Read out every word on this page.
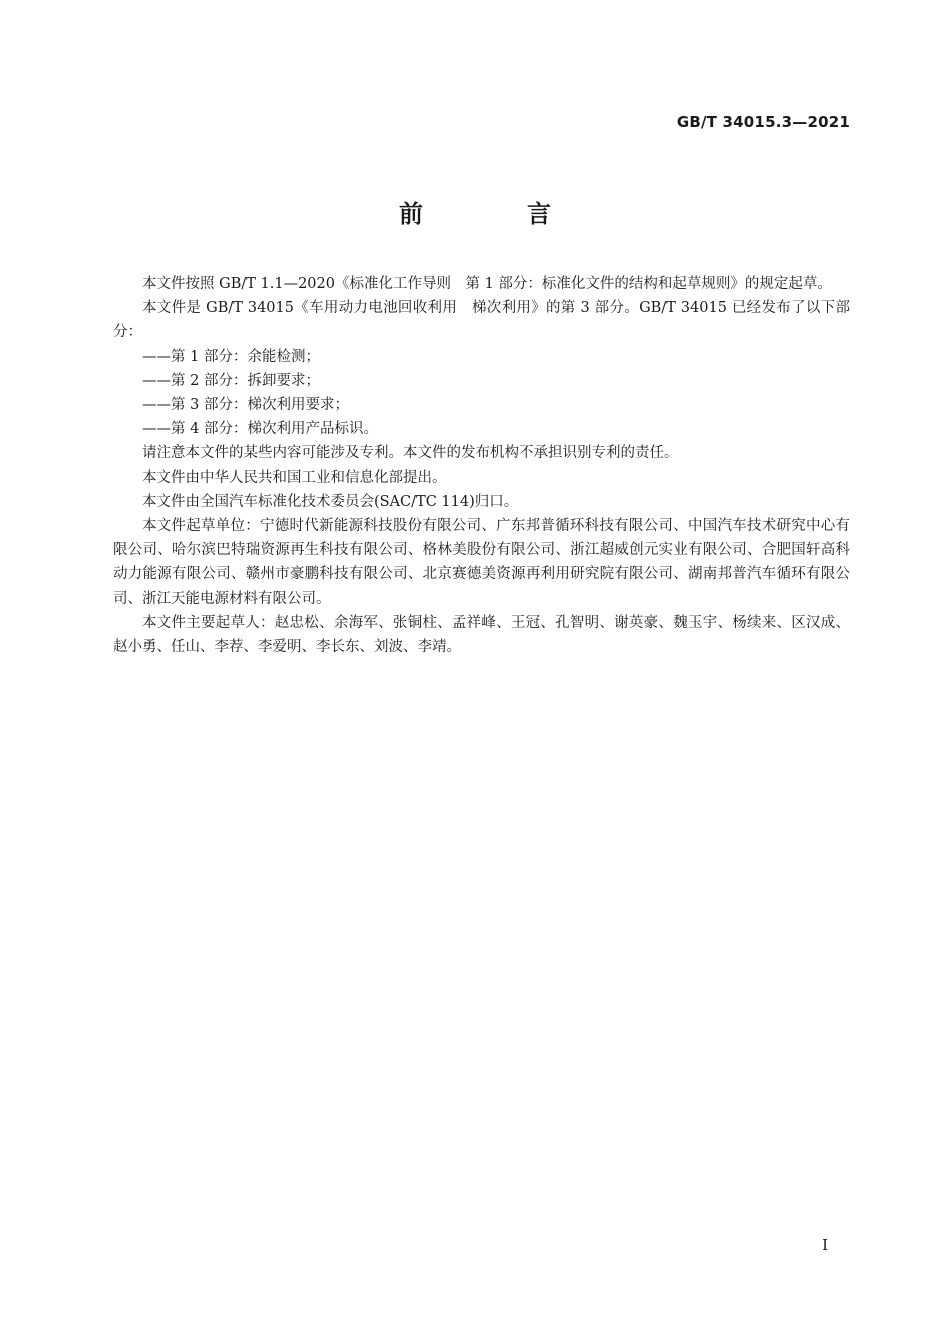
GB/T 34015.3—2021
前　言

本文件按照 GB/T 1.1—2020《标准化工作导则　第 1 部分：标准化文件的结构和起草规则》的规定起草。

本文件是 GB/T 34015《车用动力电池回收利用　梯次利用》的第 3 部分。GB/T 34015 已经发布了以下部分：

——第 1 部分：余能检测；

——第 2 部分：拆卸要求；

——第 3 部分：梯次利用要求；

——第 4 部分：梯次利用产品标识。

请注意本文件的某些内容可能涉及专利。本文件的发布机构不承担识别专利的责任。

本文件由中华人民共和国工业和信息化部提出。

本文件由全国汽车标准化技术委员会(SAC/TC 114)归口。

本文件起草单位：宁德时代新能源科技股份有限公司、广东邦普循环科技有限公司、中国汽车技术研究中心有限公司、哈尔滨巴特瑞资源再生科技有限公司、格林美股份有限公司、浙江超威创元实业有限公司、合肥国轩高科动力能源有限公司、赣州市豪鹏科技有限公司、北京赛德美资源再利用研究院有限公司、湖南邦普汽车循环有限公司、浙江天能电源材料有限公司。

本文件主要起草人：赵忠松、余海军、张铜柱、孟祥峰、王冠、孔智明、谢英豪、魏玉宇、杨续来、区汉成、赵小勇、任山、李荐、李爱明、李长东、刘波、李靖。

I
